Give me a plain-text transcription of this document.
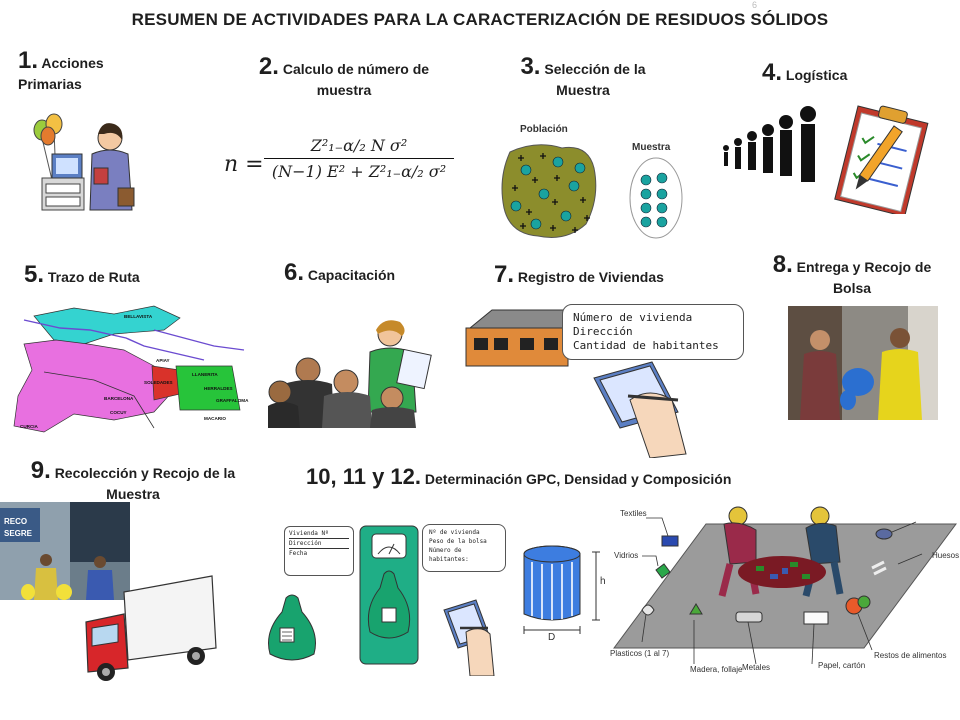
6
RESUMEN DE ACTIVIDADES PARA LA CARACTERIZACIÓN DE RESIDUOS SÓLIDOS
1. Acciones Primarias
2. Calculo de número de muestra
3. Selección de la Muestra
4. Logística
5. Trazo de Ruta	6. Capacitación	7. Registro de Viviendas	8. Entrega y Recojo de Bolsa
9. Recolección y Recojo de la Muestra
10, 11 y 12. Determinación GPC, Densidad y Composición
$n = \frac{\text{Z²₁₋α/₂ N σ²}}{\text{(N−1) E² + Z²₁₋α/₂ σ²}}$
Población
Muestra
BELLAVISTA
APIAY
SOLEDADES
BARCELONA
COCUY
CURCIA
LLANERITA
HERRALDES
GRAFFALOMA
MACARIO
Número de vivienda
Dirección
Cantidad de habitantes
RECO
SEGRE	Vivienda Nº
Dirección
Fecha
Nº de vivienda
Peso de la bolsa
Número de habitantes:
h
D
Textiles
Vidrios	Huesos
Plasticos (1 al 7)
Metales
Madera, follaje	Papel, cartón
Restos de alimentos
